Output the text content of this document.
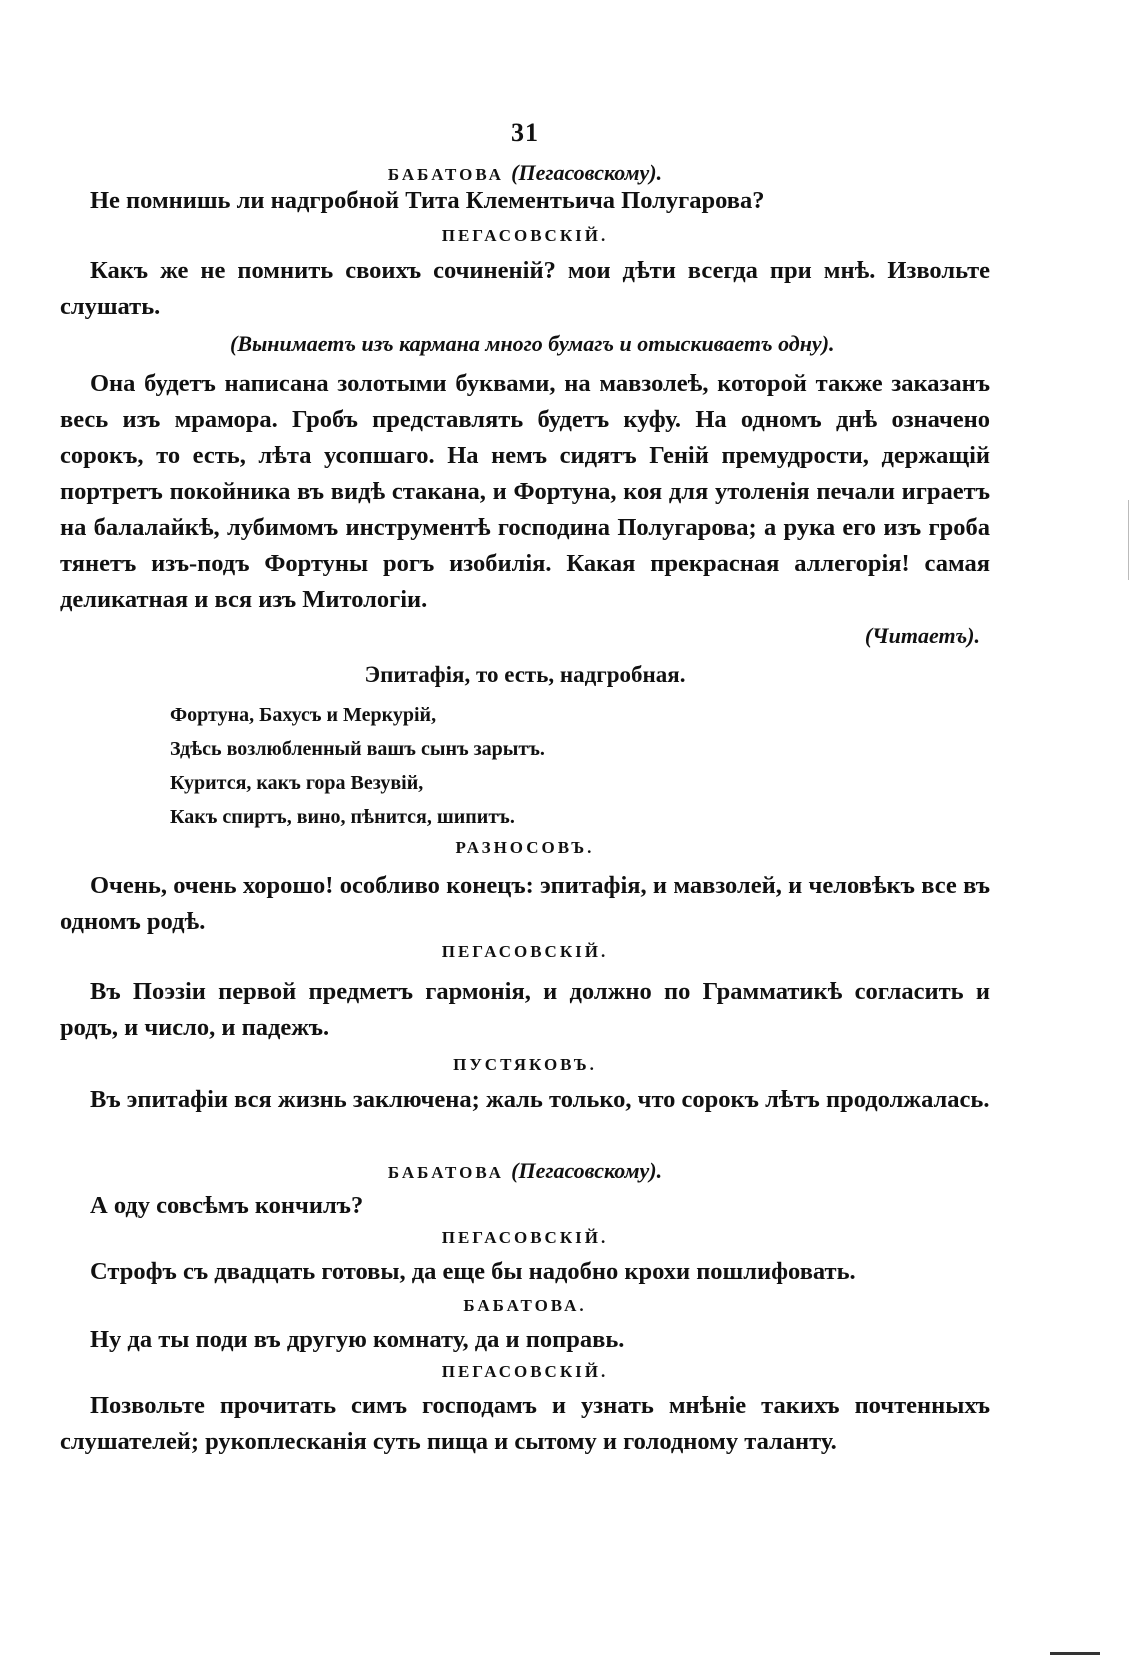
31
БАБАТОВА (Пегасовскому).
Не помнишь ли надгробной Тита Клементьича Полугарова?
ПЕГАСОВСКІЙ.
Какъ же не помнить своихъ сочиненій? мои дѣти всегда при мнѣ. Извольте слушать.
(Вынимаетъ изъ кармана много бумагъ и отыскиваетъ одну).
Она будетъ написана золотыми буквами, на мавзолеѣ, которой также заказанъ весь изъ мрамора. Гробъ представлять будетъ куфу. На одномъ днѣ означено сорокъ, то есть, лѣта усопшаго. На немъ сидятъ Геній премудрости, держащій портретъ покойника въ видѣ стакана, и Фортуна, коя для утоленія печали играетъ на балалайкѣ, лубимомъ инструментѣ господина Полугарова; а рука его изъ гроба тянетъ изъ-подъ Фортуны рогъ изобилія. Какая прекрасная аллегорія! самая деликатная и вся изъ Митологіи.
(Читаетъ).
Эпитафія, то есть, надгробная.
Фортуна, Бахусъ и Меркурій,
Здѣсь возлюбленный вашъ сынъ зарытъ.
Курится, какъ гора Везувій,
Какъ спиртъ, вино, пѣнится, шипитъ.
РАЗНОСОВЪ.
Очень, очень хорошо! особливо конецъ: эпитафія, и мавзолей, и человѣкъ все въ одномъ родѣ.
ПЕГАСОВСКІЙ.
Въ Поэзіи первой предметъ гармонія, и должно по Грамматикѣ согласить и родъ, и число, и падежъ.
ПУСТЯКОВЪ.
Въ эпитафіи вся жизнь заключена; жаль только, что сорокъ лѣтъ продолжалась.
БАБАТОВА (Пегасовскому).
А оду совсѣмъ кончилъ?
ПЕГАСОВСКІЙ.
Строфъ съ двадцать готовы, да еще бы надобно крохи пошлифовать.
БАБАТОВА.
Ну да ты поди въ другую комнату, да и поправь.
ПЕГАСОВСКІЙ.
Позвольте прочитать симъ господамъ и узнать мнѣніе такихъ почтенныхъ слушателей; рукоплесканія суть пища и сытому и голодному таланту.
